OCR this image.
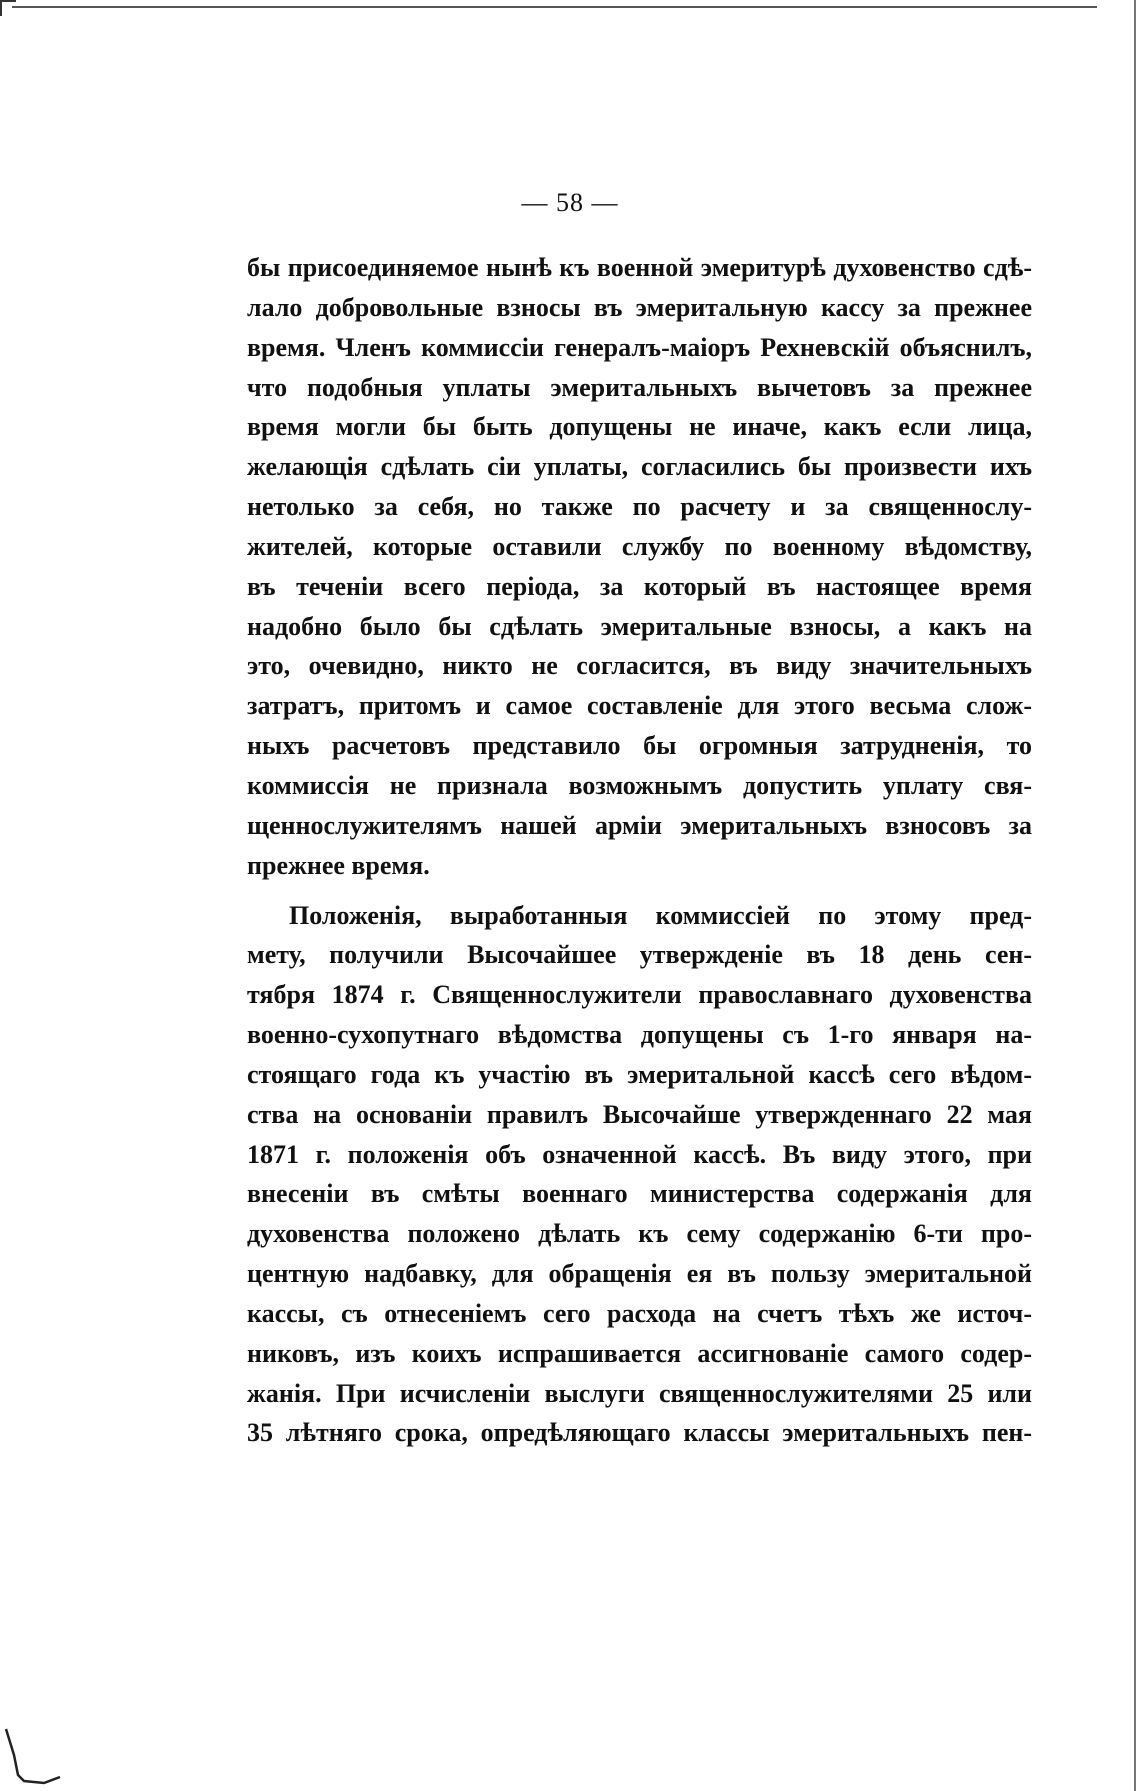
— 58 —
бы присоединяемое нынѣ къ военной эмеритурѣ духовенство сдѣ-
лало добровольные взносы въ эмеритальную кассу за прежнее
время. Членъ коммиссіи генералъ-маіоръ Рехневскій объяснилъ,
что подобныя уплаты эмеритальныхъ вычетовъ за прежнее
время могли бы быть допущены не иначе, какъ если лица,
желающія сдѣлать сіи уплаты, согласились бы произвести ихъ
нетолько за себя, но также по расчету и за священнослу-
жителей, которые оставили службу по военному вѣдомству,
въ теченіи всего періода, за который въ настоящее время
надобно было бы сдѣлать эмеритальные взносы, а какъ на
это, очевидно, никто не согласится, въ виду значительныхъ
затратъ, притомъ и самое составленіе для этого весьма слож-
ныхъ расчетовъ представило бы огромныя затрудненія, то
коммиссія не признала возможнымъ допустить уплату свя-
щеннослужителямъ нашей арміи эмеритальныхъ взносовъ за
прежнее время.
Положенія, выработанныя коммиссіей по этому пред-
мету, получили Высочайшее утвержденіе въ 18 день сен-
тября 1874 г. Священнослужители православнаго духовенства
военно-сухопутнаго вѣдомства допущены съ 1-го января на-
стоящаго года къ участію въ эмеритальной кассѣ сего вѣдом-
ства на основаніи правилъ Высочайше утвержденнаго 22 мая
1871 г. положенія объ означенной кассѣ. Въ виду этого, при
внесеніи въ смѣты военнаго министерства содержанія для
духовенства положено дѣлать къ сему содержанію 6-ти про-
центную надбавку, для обращенія ея въ пользу эмеритальной
кассы, съ отнесеніемъ сего расхода на счетъ тѣхъ же источ-
никовъ, изъ коихъ испрашивается ассигнованіе самого содер-
жанія. При исчисленіи выслуги священнослужителями 25 или
35 лѣтняго срока, опредѣляющаго классы эмеритальныхъ пен-
